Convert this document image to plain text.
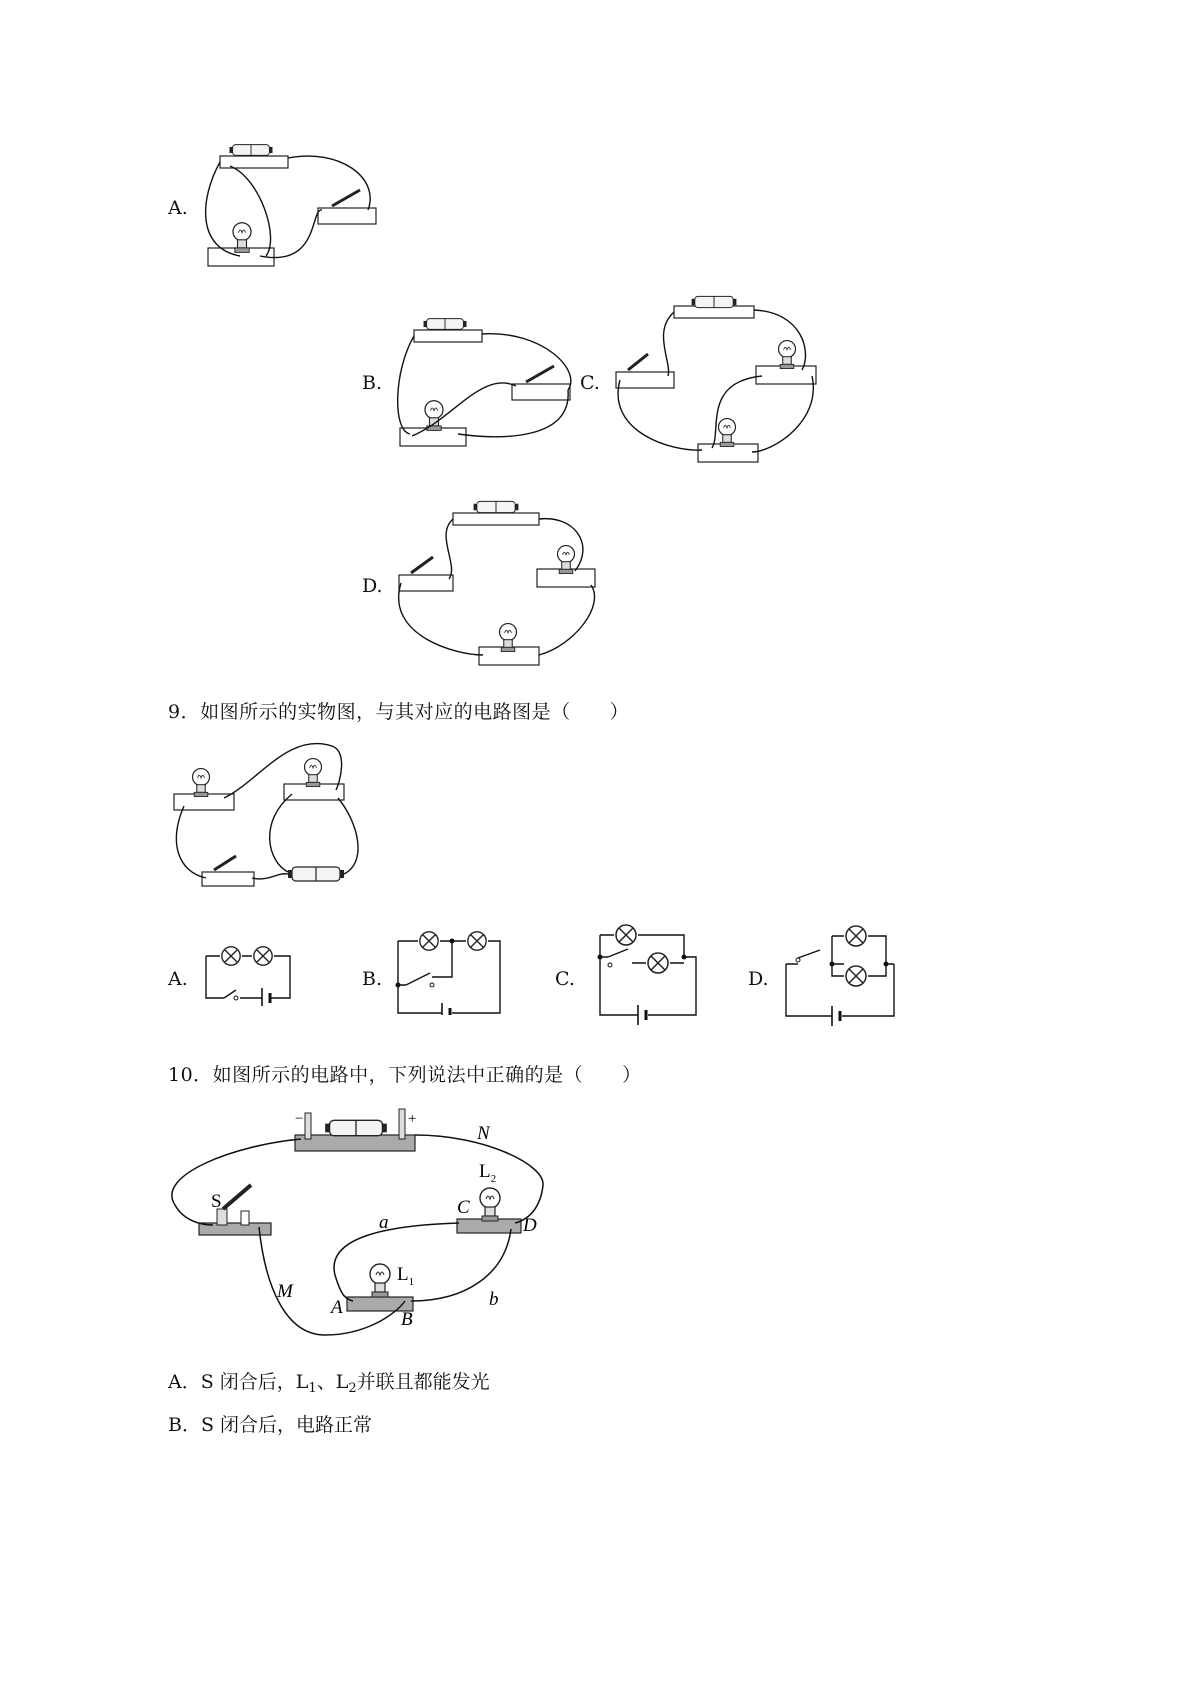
A.
B.	C.
D.
9．如图所示的实物图，与其对应的电路图是（　　）
A.	B.	C.	D.
10．如图所示的电路中，下列说法中正确的是（　　）
−	+
N
S
$L_2$
C
D
a
$L_1$
M
A
B
b
A．S 闭合后，$L_1$、$L_2$并联且都能发光
B．S 闭合后，电路正常
